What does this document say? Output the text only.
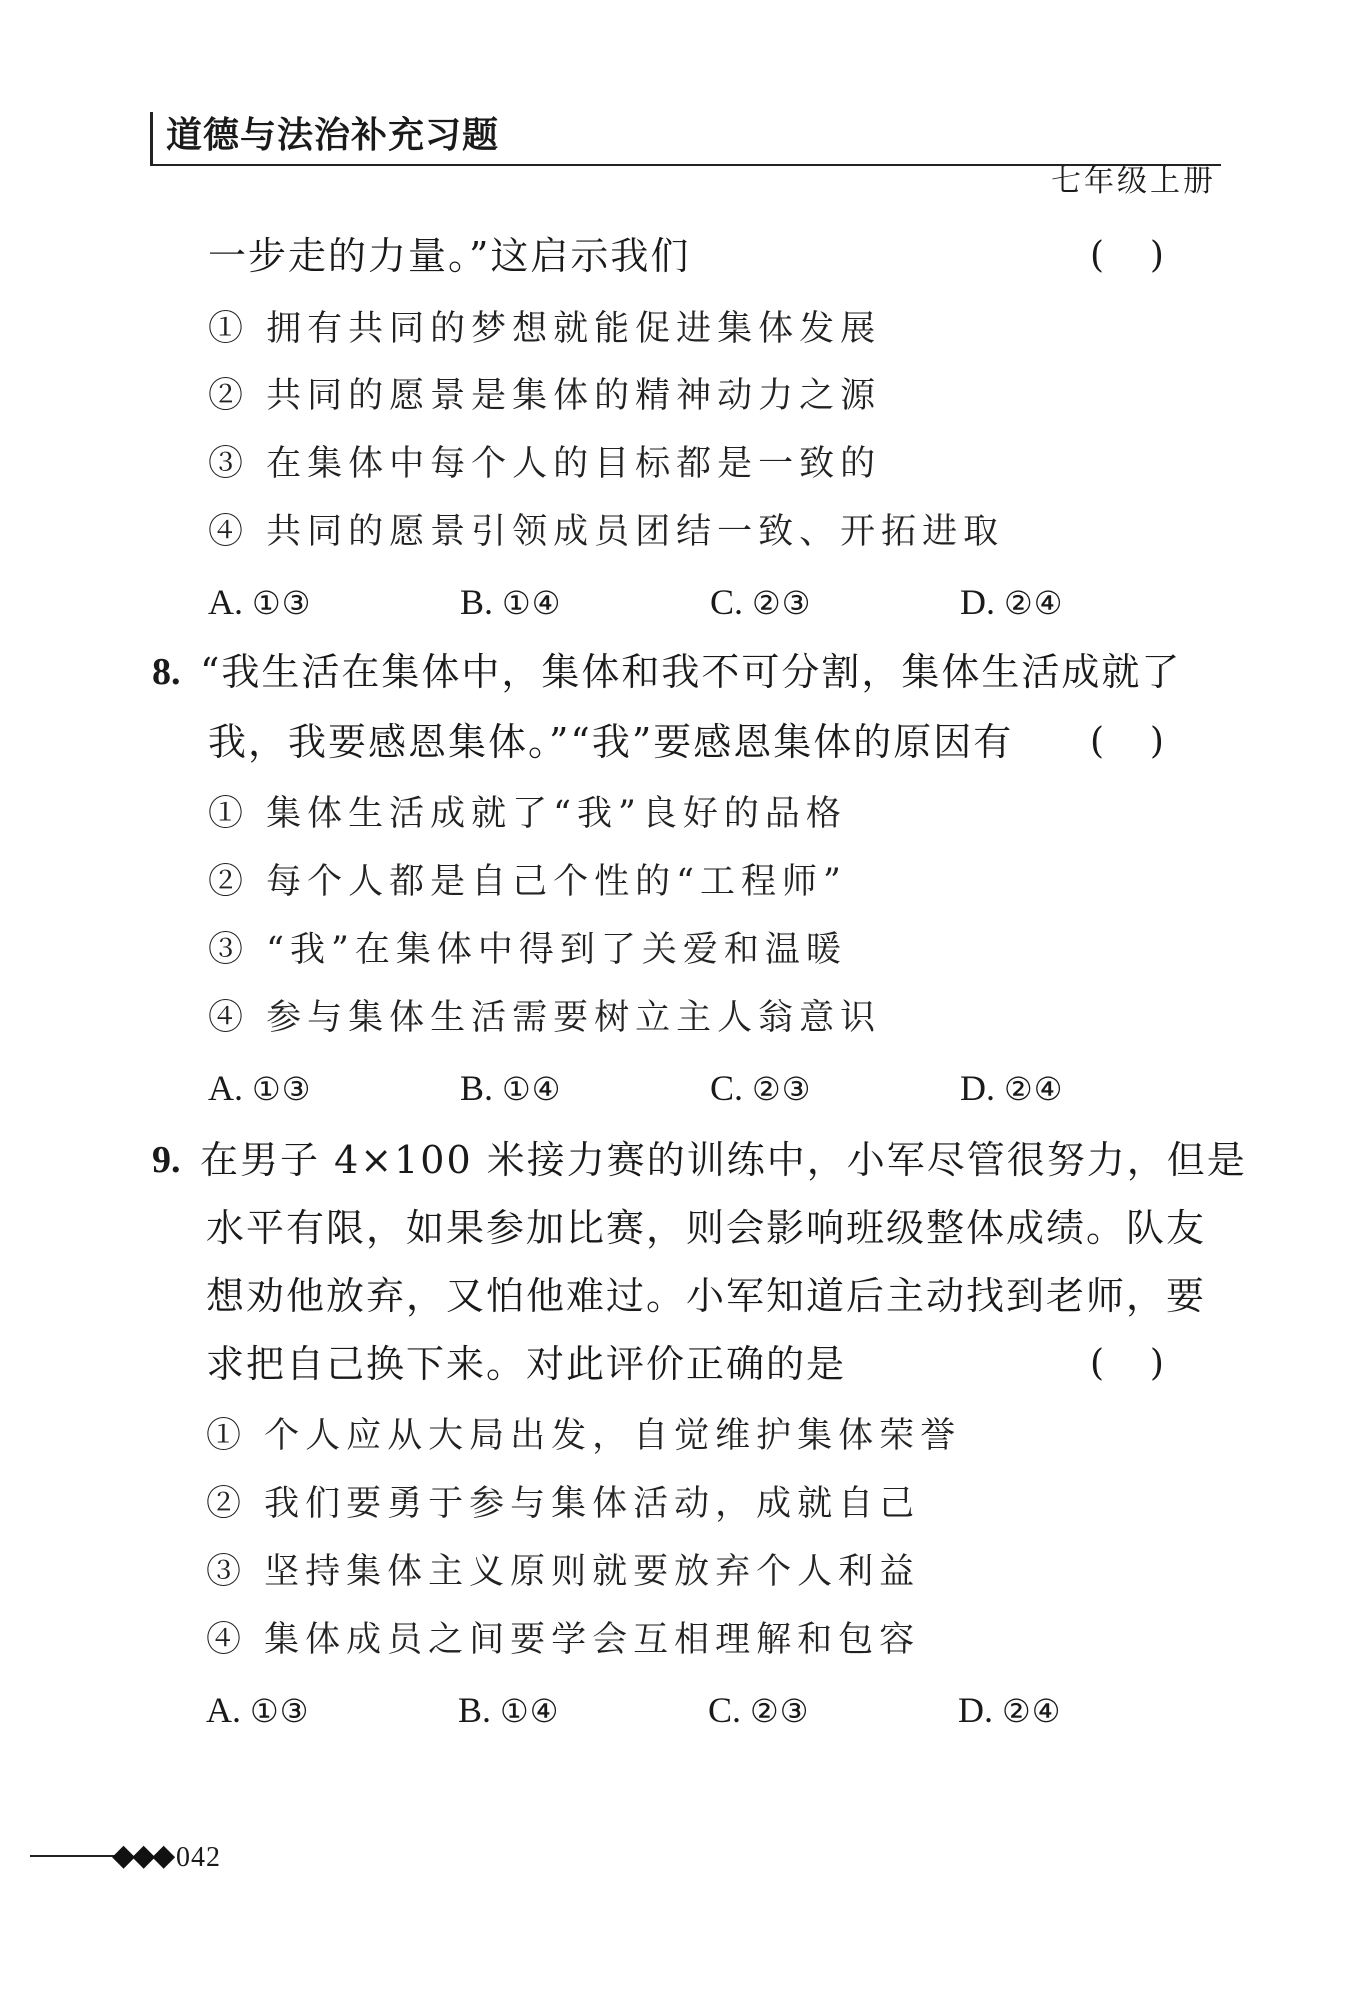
道德与法治补充习题
七年级上册
一步走的力量。”这启示我们	(    )
① 拥有共同的梦想就能促进集体发展
② 共同的愿景是集体的精神动力之源
③ 在集体中每个人的目标都是一致的
④ 共同的愿景引领成员团结一致、开拓进取
A. ①③	B. ①④	C. ②③	D. ②④
8. “我生活在集体中，集体和我不可分割，集体生活成就了
我，我要感恩集体。”“我”要感恩集体的原因有 (    )
① 集体生活成就了“我”良好的品格
② 每个人都是自己个性的“工程师”
③ “我”在集体中得到了关爱和温暖
④ 参与集体生活需要树立主人翁意识
A. ①③	B. ①④	C. ②③	D. ②④
9. 在男子 4×100 米接力赛的训练中，小军尽管很努力，但是
水平有限，如果参加比赛，则会影响班级整体成绩。队友
想劝他放弃，又怕他难过。小军知道后主动找到老师，要
求把自己换下来。对此评价正确的是	(    )
① 个人应从大局出发，自觉维护集体荣誉
② 我们要勇于参与集体活动，成就自己
③ 坚持集体主义原则就要放弃个人利益
④ 集体成员之间要学会互相理解和包容
A. ①③	B. ①④	C. ②③	D. ②④
◆◆◆ 042
